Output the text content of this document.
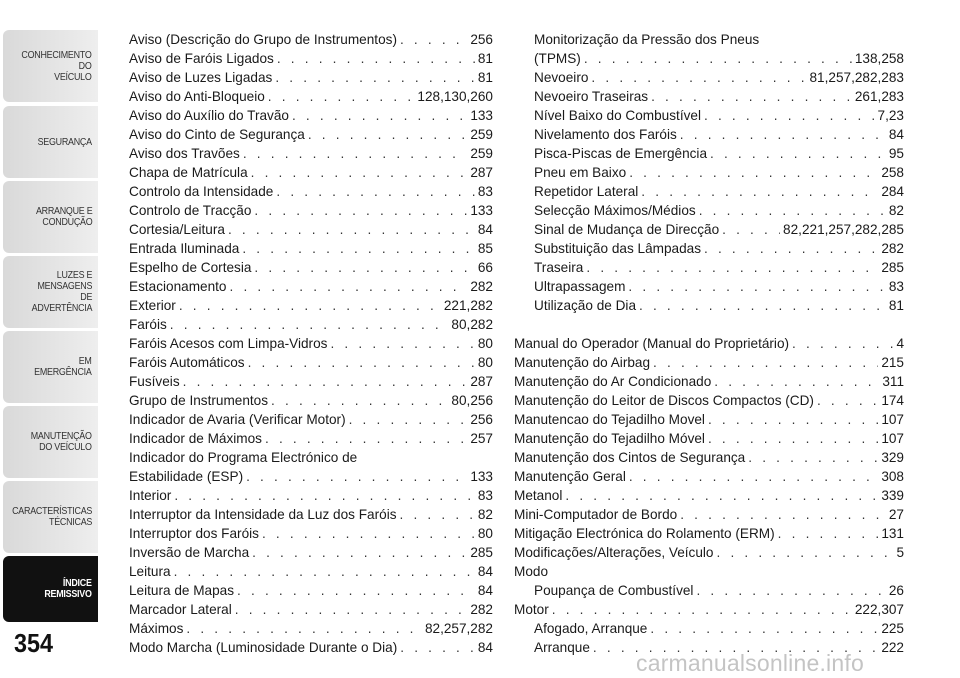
CONHECIMENTO
DO
VEÍCULO
SEGURANÇA
ARRANQUE E
CONDUÇÃO
LUZES E
MENSAGENS
DE
ADVERTÊNCIA
EM
EMERGÊNCIA
MANUTENÇÃO
DO VEÍCULO
CARACTERÍSTICAS
TÉCNICAS
ÍNDICE
REMISSIVO
354
Aviso (Descrição do Grupo de Instrumentos) . . .	256
Aviso de Faróis Ligados . . .	81
Aviso de Luzes Ligadas . . .	81
Aviso do Anti-Bloqueio . . .	128,130,260
Aviso do Auxílio do Travão . . .	133
Aviso do Cinto de Segurança . . .	259
Aviso dos Travões . . .	259
Chapa de Matrícula . . .	287
Controlo da Intensidade . . .	83
Controlo de Tracção . . .	133
Cortesia/Leitura . . .	84
Entrada Iluminada . . .	85
Espelho de Cortesia . . .	66
Estacionamento . . .	282
Exterior . . .	221,282
Faróis . . .	80,282
Faróis Acesos com Limpa-Vidros . . .	80
Faróis Automáticos . . .	80
Fusíveis . . .	287
Grupo de Instrumentos . . .	80,256
Indicador de Avaria (Verificar Motor) . . .	256
Indicador de Máximos . . .	257
Indicador do Programa Electrónico de
Estabilidade (ESP) . . .	133
Interior . . .	83
Interruptor da Intensidade da Luz dos Faróis . . .	82
Interruptor dos Faróis . . .	80
Inversão de Marcha . . .	285
Leitura . . .	84
Leitura de Mapas . . .	84
Marcador Lateral . . .	282
Máximos . . .	82,257,282
Modo Marcha (Luminosidade Durante o Dia) . . .	84
Monitorização da Pressão dos Pneus
(TPMS) . . .	138,258
Nevoeiro . . .	81,257,282,283
Nevoeiro Traseiras . . .	261,283
Nível Baixo do Combustível . . .	7,23
Nivelamento dos Faróis . . .	84
Pisca-Piscas de Emergência . . .	95
Pneu em Baixo . . .	258
Repetidor Lateral . . .	284
Selecção Máximos/Médios . . .	82
Sinal de Mudança de Direcção . . .	82,221,257,282,285
Substituição das Lâmpadas . . .	282
Traseira . . .	285
Ultrapassagem . . .	83
Utilização de Dia . . .	81
Manual do Operador (Manual do Proprietário) . . .	4
Manutenção do Airbag . . .	215
Manutenção do Ar Condicionado . . .	311
Manutenção do Leitor de Discos Compactos (CD) . . .	174
Manutencao do Tejadilho Movel . . .	107
Manutenção do Tejadilho Móvel . . .	107
Manutenção dos Cintos de Segurança . . .	329
Manutenção Geral . . .	308
Metanol . . .	339
Mini-Computador de Bordo . . .	27
Mitigação Electrónica do Rolamento (ERM) . . .	131
Modificações/Alterações, Veículo . . .	5
Modo
Poupança de Combustível . . .	26
Motor . . .	222,307
Afogado, Arranque . . .	225
Arranque . . .	222
carmanualsonline.info
